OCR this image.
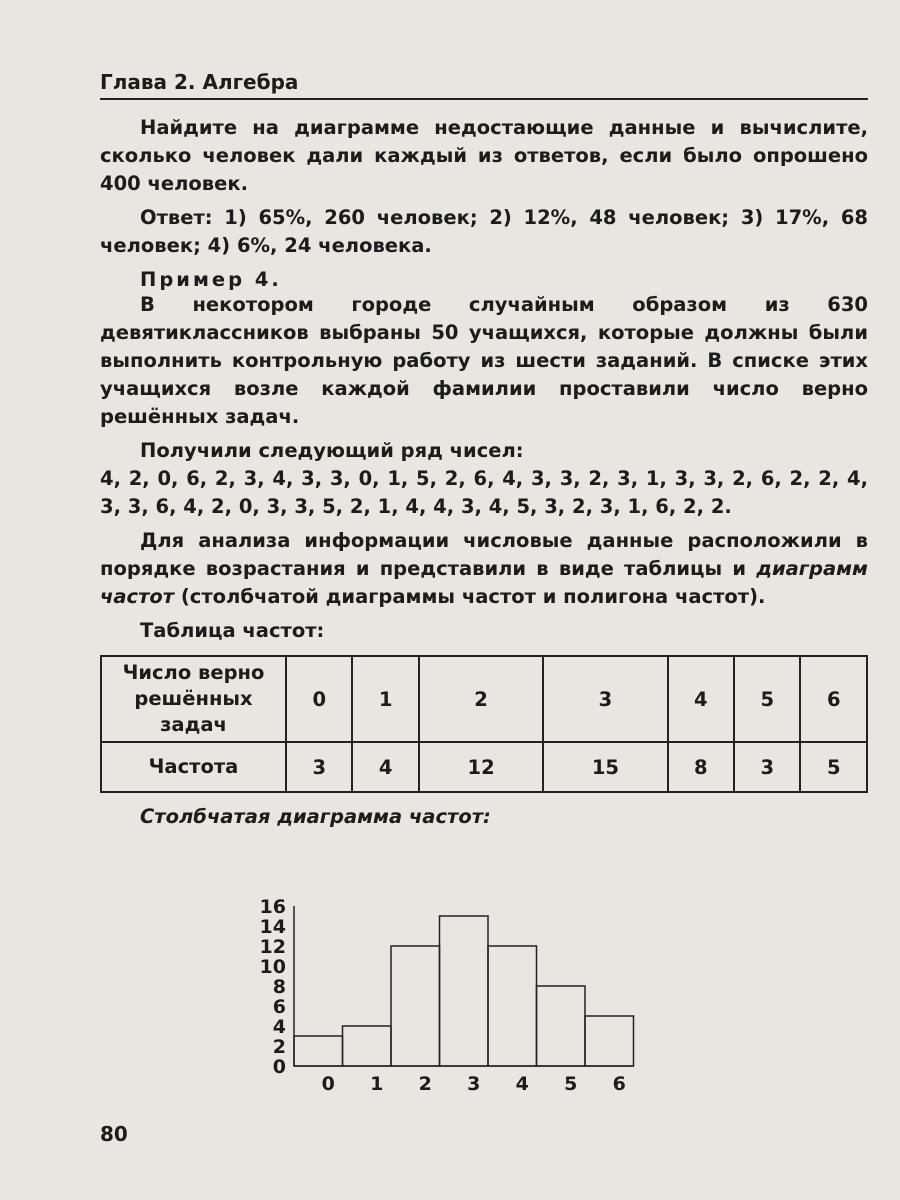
Глава 2. Алгебра

Найдите на диаграмме недостающие данные и вычислите, сколько человек дали каждый из ответов, если было опрошено 400 человек.

Ответ: 1) 65%, 260 человек; 2) 12%, 48 человек; 3) 17%, 68 человек; 4) 6%, 24 человека.

Пример 4.

В некотором городе случайным образом из 630 девятиклассников выбраны 50 учащихся, которые должны были выполнить контрольную работу из шести заданий. В списке этих учащихся возле каждой фамилии проставили число верно решённых задач.

Получили следующий ряд чисел:

4, 2, 0, 6, 2, 3, 4, 3, 3, 0, 1, 5, 2, 6, 4, 3, 3, 2, 3, 1, 3, 3, 2, 6, 2, 2, 4, 3, 3, 6, 4, 2, 0, 3, 3, 5, 2, 1, 4, 4, 3, 4, 5, 3, 2, 3, 1, 6, 2, 2.

Для анализа информации числовые данные расположили в порядке возрастания и представили в виде таблицы и диаграмм частот (столбчатой диаграммы частот и полигона частот).

Таблица частот:
Число верно решённых задач	0	1	2	3	4	5	6
Частота	3	4	12	15	8	3	5
Столбчатая диаграмма частот:
0
2
4
6
8
10
12
14
16
0 1 2 3 4 5 6
80
